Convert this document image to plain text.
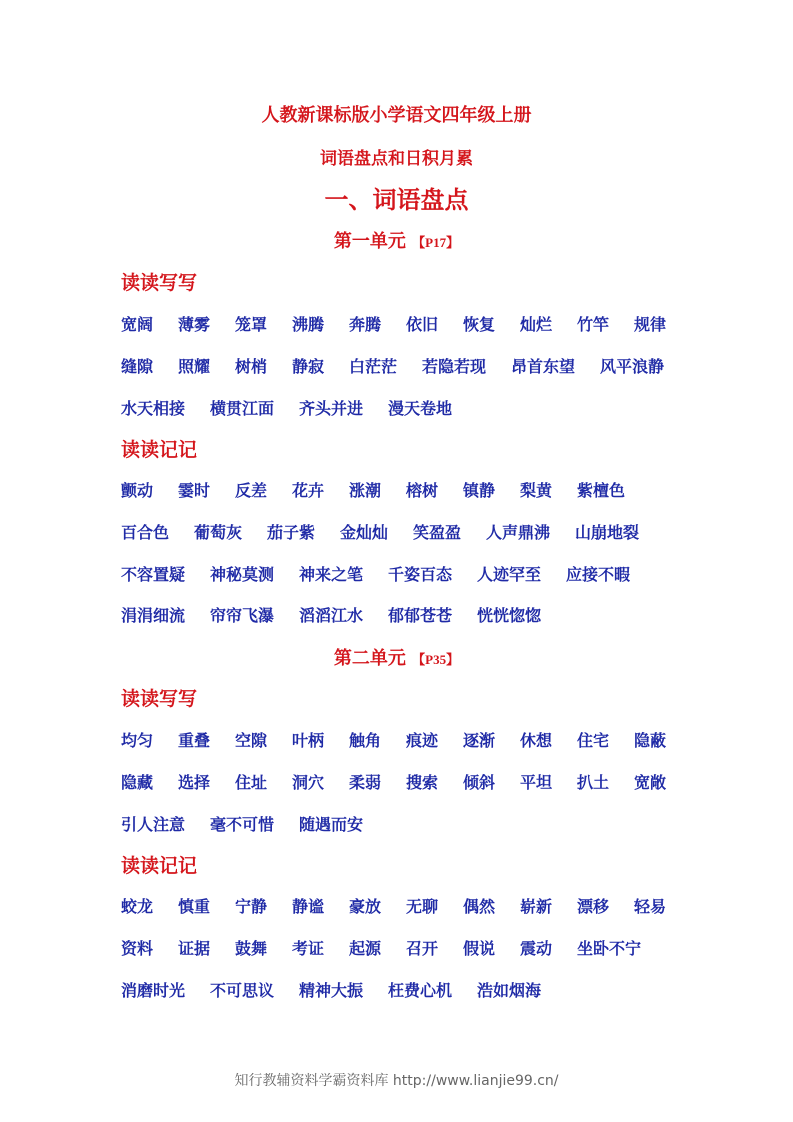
人教新课标版小学语文四年级上册
词语盘点和日积月累
一、词语盘点
第一单元 【P17】
读读写写
宽阔 薄雾 笼罩 沸腾 奔腾 依旧 恢复 灿烂 竹竿 规律
缝隙 照耀 树梢 静寂 白茫茫 若隐若现 昂首东望 风平浪静
水天相接 横贯江面 齐头并进 漫天卷地
读读记记
颤动 霎时 反差 花卉 涨潮 榕树 镇静 梨黄 紫檀色
百合色 葡萄灰 茄子紫 金灿灿 笑盈盈 人声鼎沸 山崩地裂
不容置疑 神秘莫测 神来之笔 千姿百态 人迹罕至 应接不暇
涓涓细流 帘帘飞瀑 滔滔江水 郁郁苍苍 恍恍惚惚
第二单元 【P35】
读读写写
均匀 重叠 空隙 叶柄 触角 痕迹 逐渐 休想 住宅 隐蔽
隐藏 选择 住址 洞穴 柔弱 搜索 倾斜 平坦 扒土 宽敞
引人注意 毫不可惜 随遇而安
读读记记
蛟龙 慎重 宁静 静谧 豪放 无聊 偶然 崭新 漂移 轻易
资料 证据 鼓舞 考证 起源 召开 假说 震动 坐卧不宁
消磨时光 不可思议 精神大振 枉费心机 浩如烟海
知行教辅资料学霸资料库 http://www.lianjie99.cn/
